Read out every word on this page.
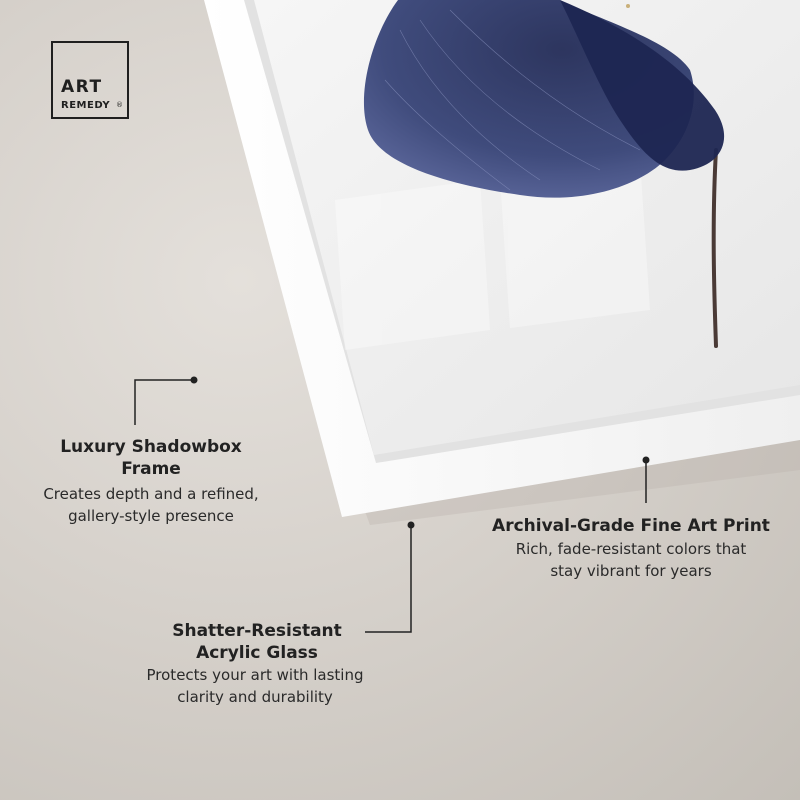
ART
REMEDY ®
Luxury Shadowbox
Frame
Creates depth and a refined,
gallery-style presence	Archival-Grade Fine Art Print
Rich, fade-resistant colors that
stay vibrant for years
Shatter-Resistant
Acrylic Glass
Protects your art with lasting
clarity and durability
